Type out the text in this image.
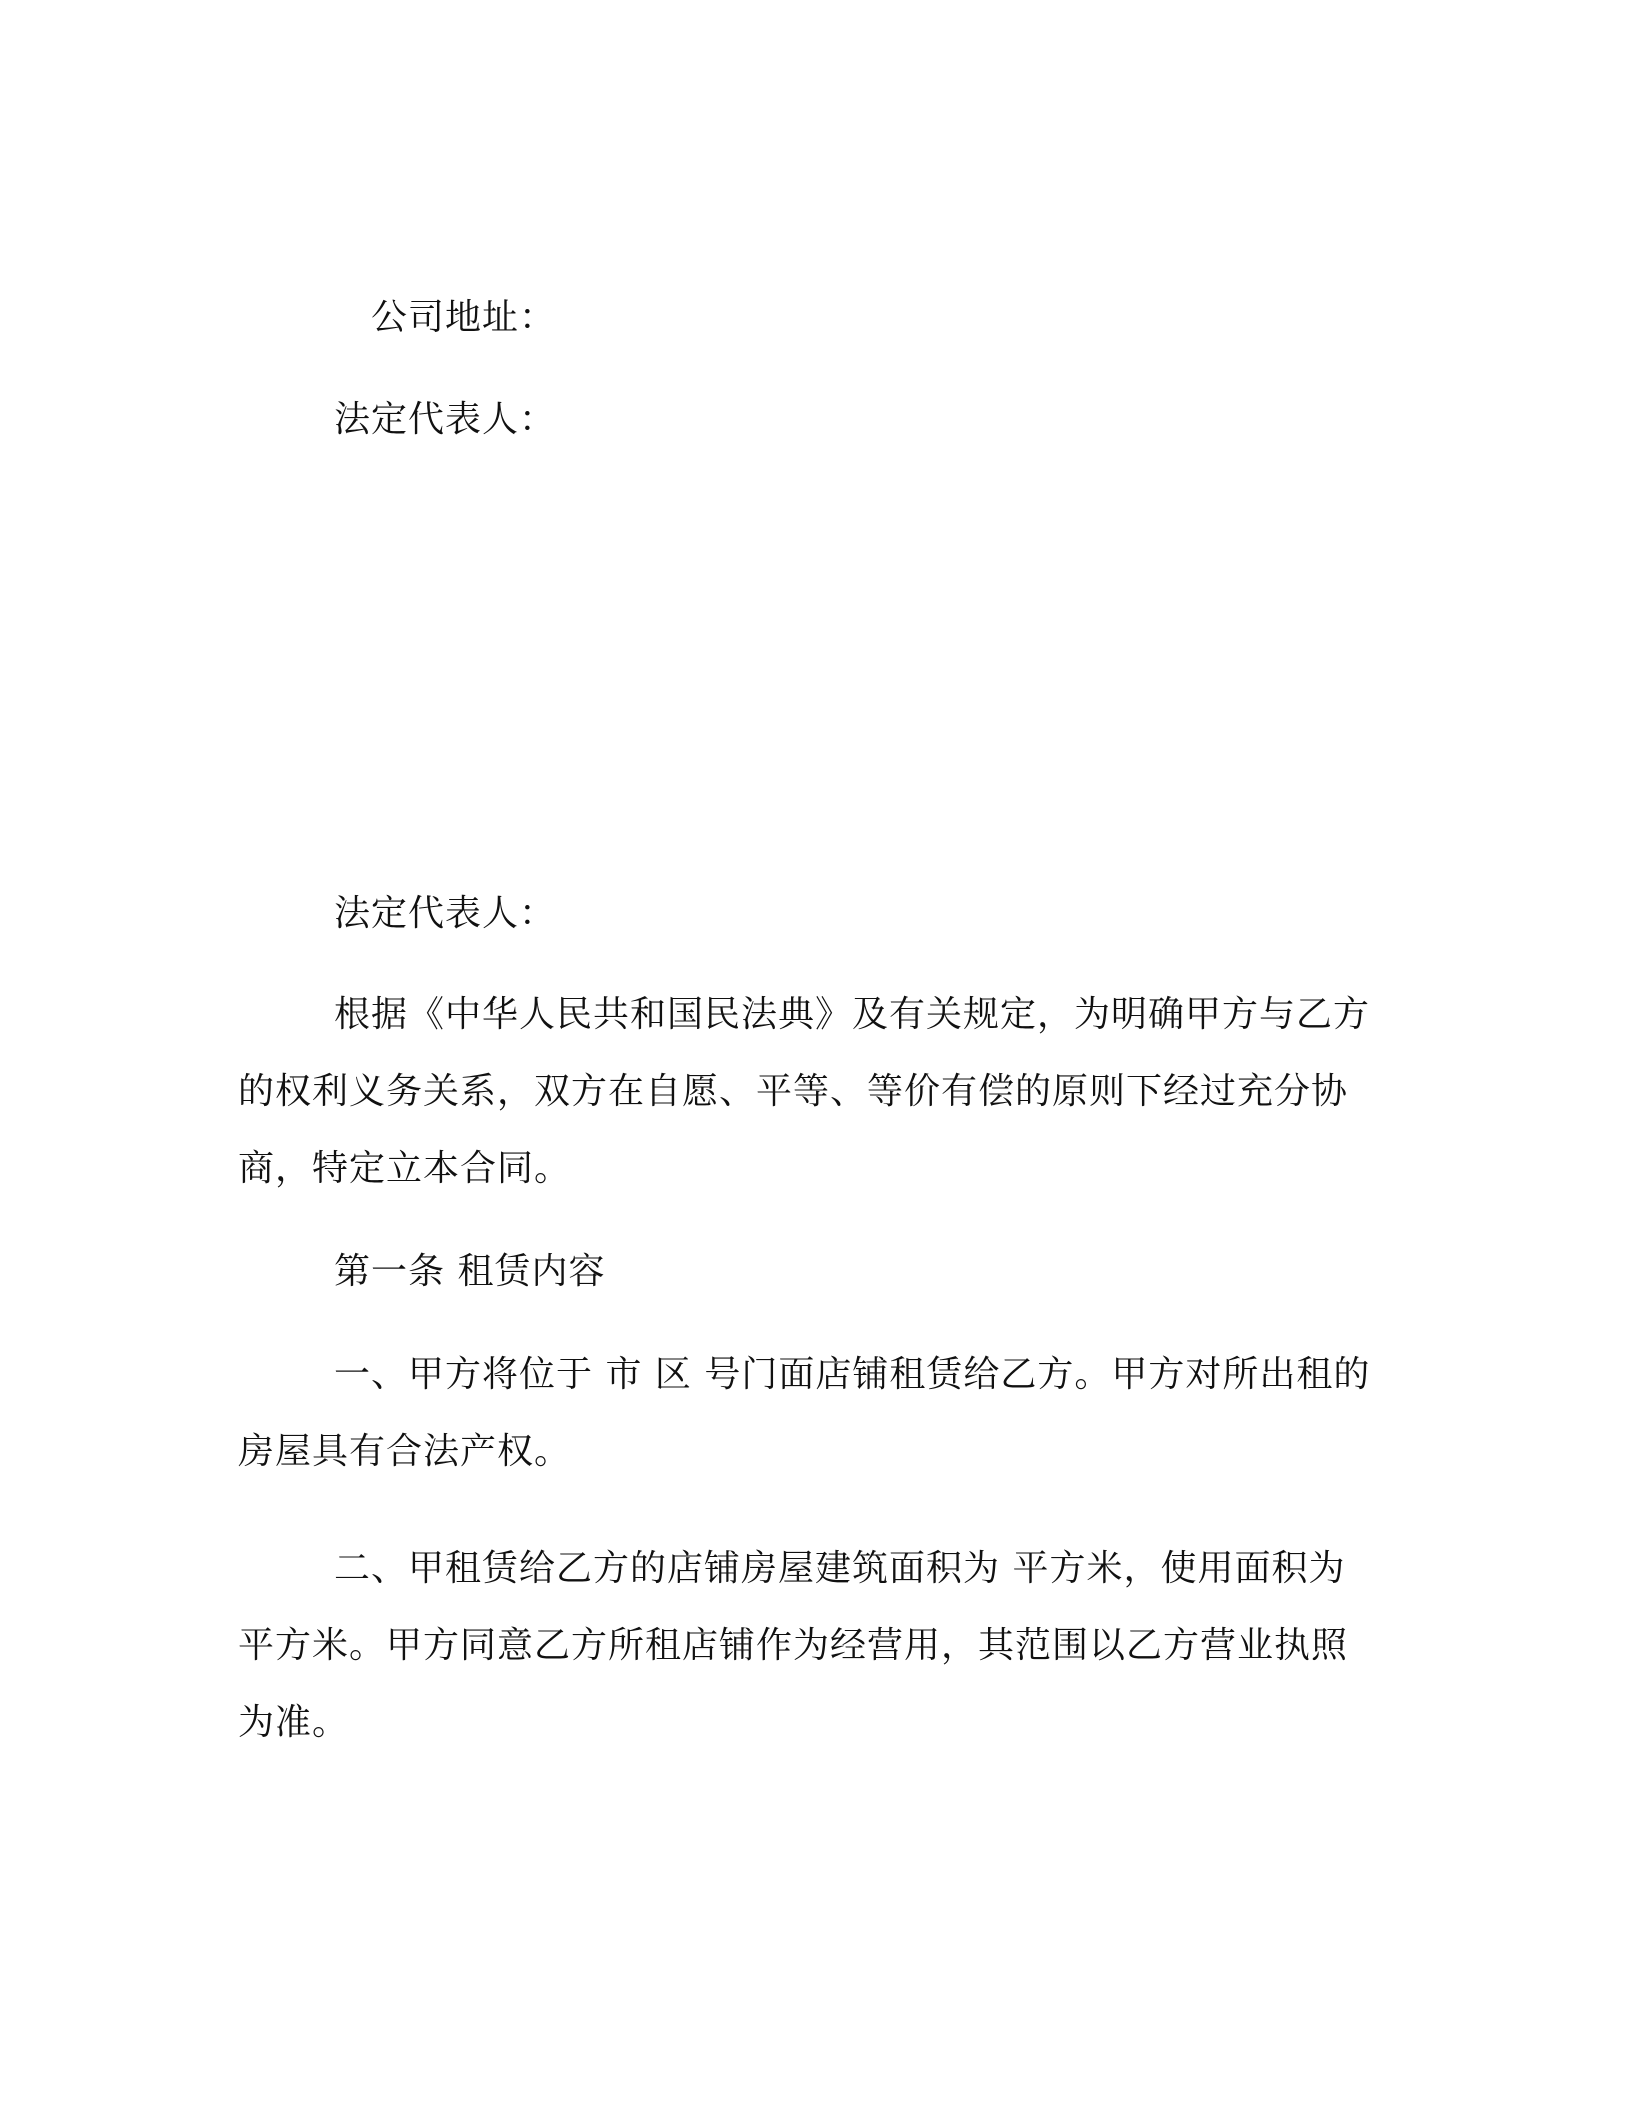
公司地址：
法定代表人：
法定代表人：
根据《中华人民共和国民法典》及有关规定，为明确甲方与乙方
的权利义务关系，双方在自愿、平等、等价有偿的原则下经过充分协
商，特定立本合同。
第一条 租赁内容
一、甲方将位于 市 区 号门面店铺租赁给乙方。甲方对所出租的
房屋具有合法产权。
二、甲租赁给乙方的店铺房屋建筑面积为 平方米，使用面积为
平方米。甲方同意乙方所租店铺作为经营用，其范围以乙方营业执照
为准。
